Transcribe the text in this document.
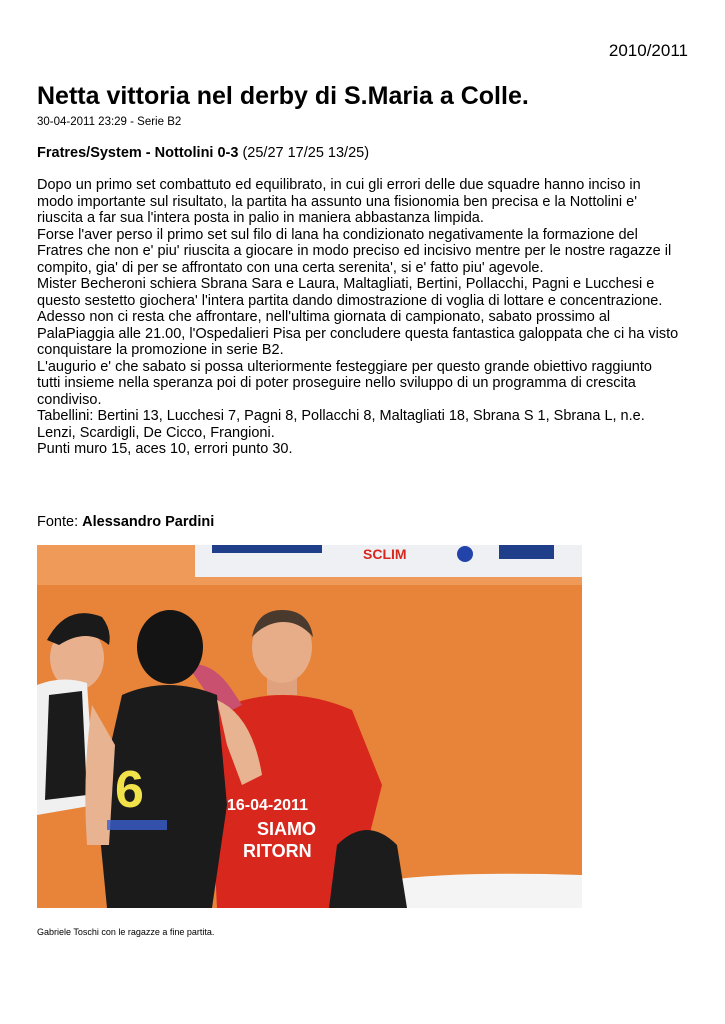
2010/2011
Netta vittoria nel derby di S.Maria a Colle.
30-04-2011 23:29 - Serie B2
Fratres/System - Nottolini 0-3 (25/27 17/25 13/25)
Dopo un primo set combattuto ed equilibrato, in cui gli errori delle due squadre hanno inciso in
modo importante sul risultato, la partita ha assunto una fisionomia ben precisa e la Nottolini e'
riuscita a far sua l'intera posta in palio in maniera abbastanza limpida.
Forse l'aver perso il primo set sul filo di lana ha condizionato negativamente la formazione del
Fratres che non e' piu' riuscita a giocare in modo preciso ed incisivo mentre per le nostre ragazze il
compito, gia' di per se affrontato con una certa serenita', si e' fatto piu' agevole.
Mister Becheroni schiera Sbrana Sara e Laura, Maltagliati, Bertini, Pollacchi, Pagni e Lucchesi e
questo sestetto giochera' l'intera partita dando dimostrazione di voglia di lottare e concentrazione.
Adesso non ci resta che affrontare, nell'ultima giornata di campionato, sabato prossimo al
PalaPiaggia alle 21.00, l'Ospedalieri Pisa per concludere questa fantastica galoppata che ci ha visto
conquistare la promozione in serie B2.
L'augurio e' che sabato si possa ulteriormente festeggiare per questo grande obiettivo raggiunto
tutti insieme nella speranza poi di poter proseguire nello sviluppo di un programma di crescita
condiviso.
Tabellini: Bertini 13, Lucchesi 7, Pagni 8, Pollacchi 8, Maltagliati 18, Sbrana S 1, Sbrana L, n.e.
Lenzi, Scardigli, De Cicco, Frangioni.
Punti muro 15, aces 10, errori punto 30.
Fonte: Alessandro Pardini
SCLIM
16-04-2011
SIAMO
RITORN
6
Gabriele Toschi con le ragazze a fine partita.
